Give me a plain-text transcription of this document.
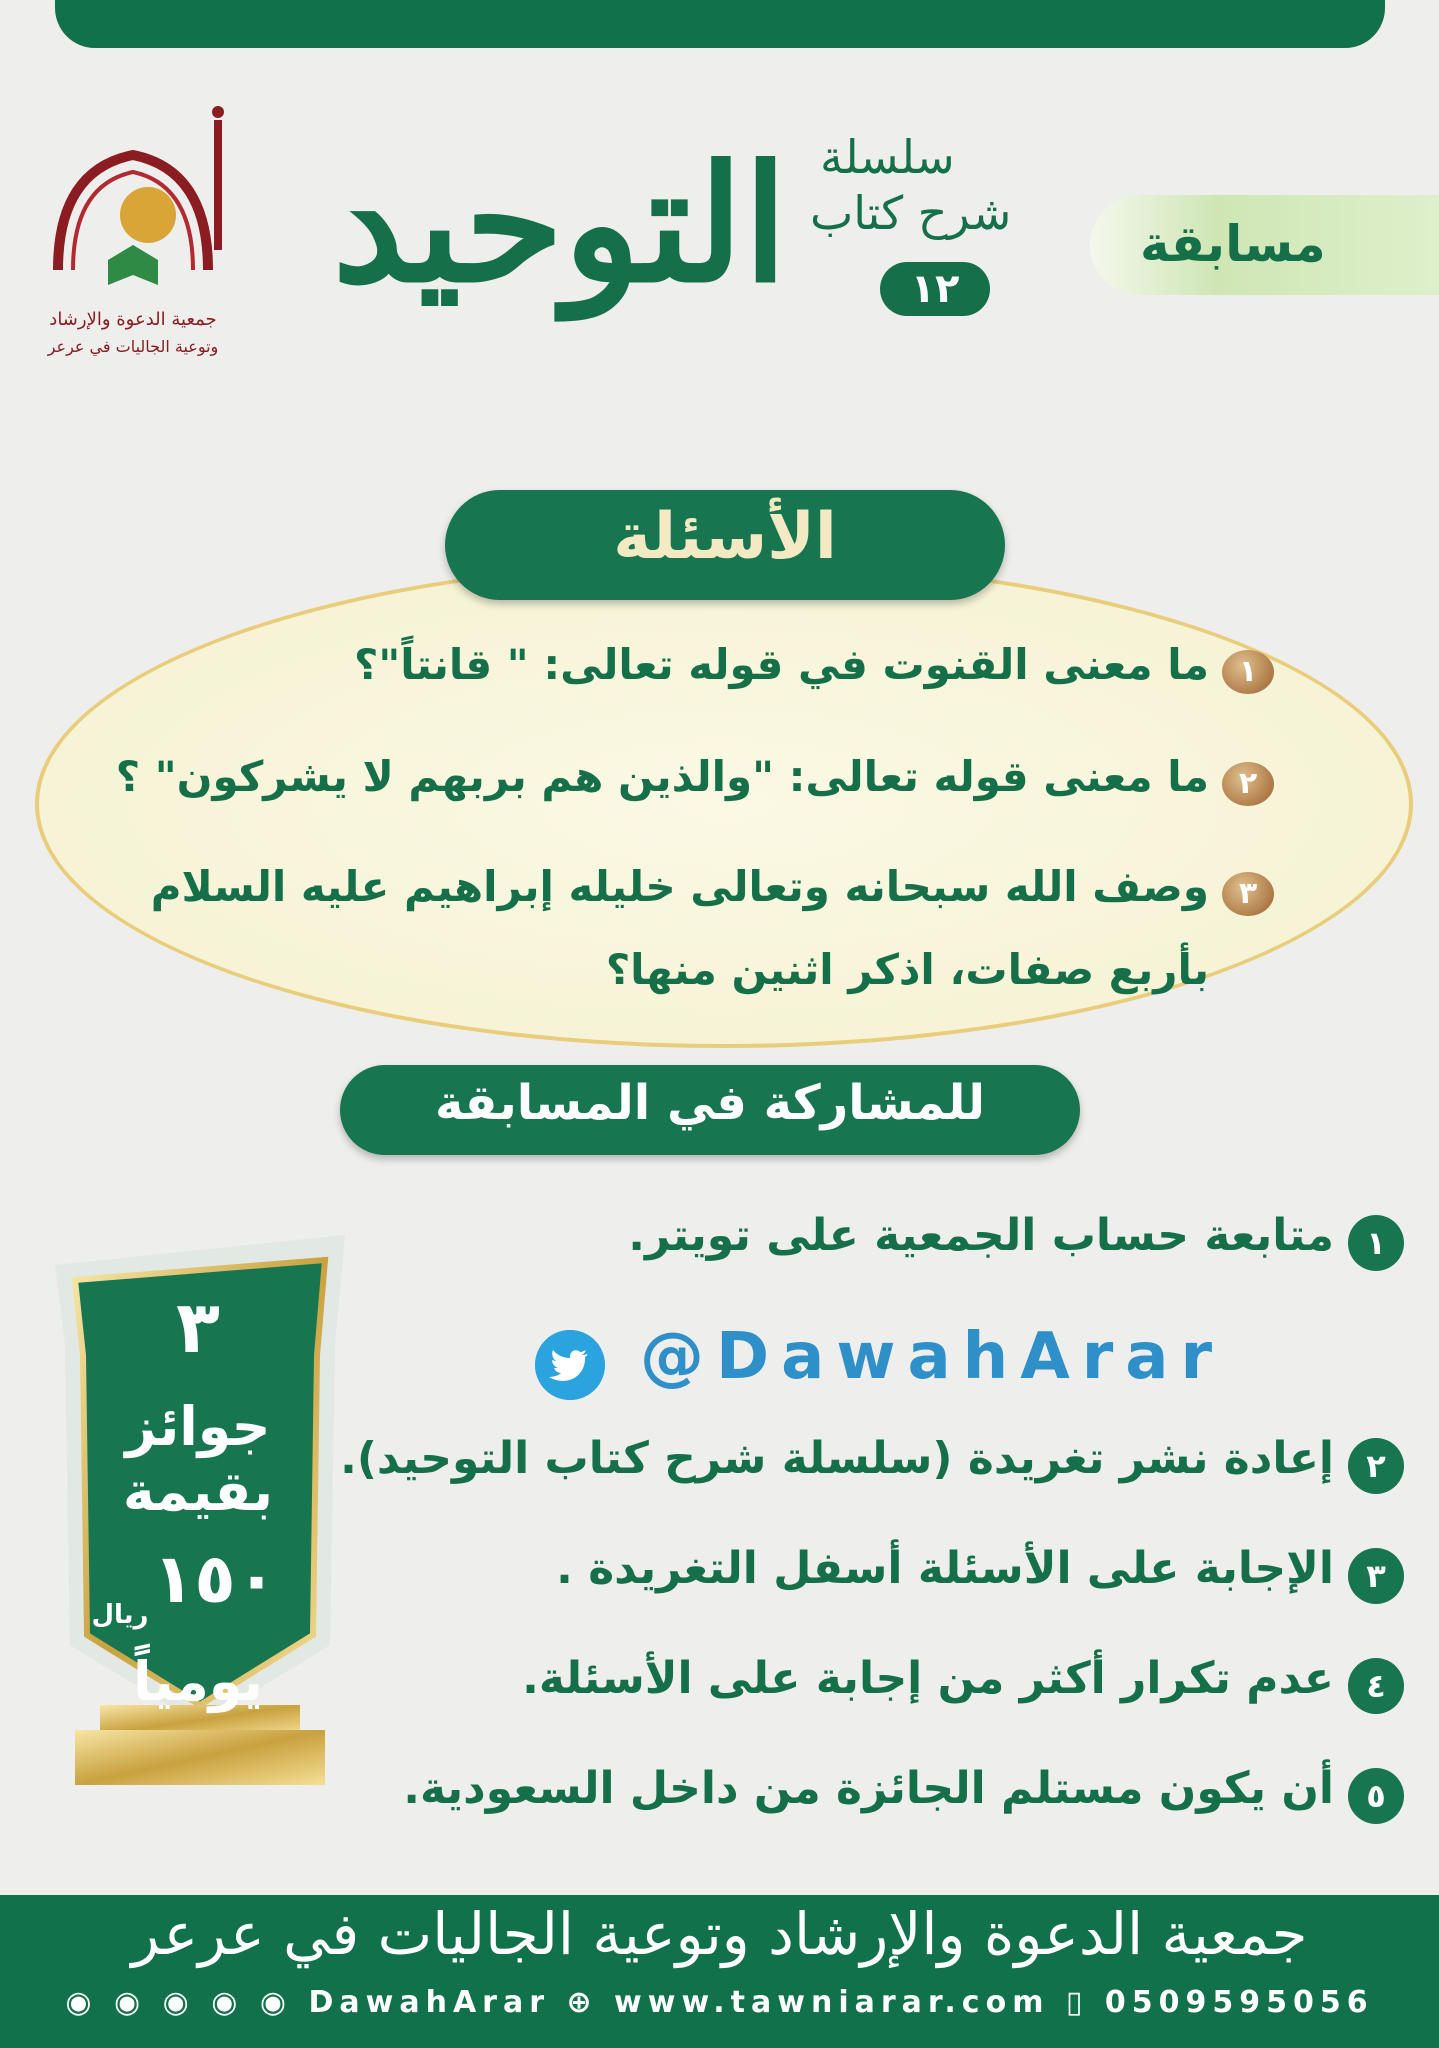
جمعية الدعوة والإرشاد
وتوعية الجاليات في عرعر
مسابقة
سلسلة
شرح كتاب
١٢
التوحيد
الأسئلة
١
ما معنى القنوت في قوله تعالى: " قانتاً"؟
٢
ما معنى قوله تعالى: "والذين هم بربهم لا يشركون" ؟
٣
وصف الله سبحانه وتعالى خليله إبراهيم عليه السلام
بأربع صفات، اذكر اثنين منها؟
للمشاركة في المسابقة
١
متابعة حساب الجمعية على تويتر.
@DawahArar
٢
إعادة نشر تغريدة (سلسلة شرح كتاب التوحيد).
٣
الإجابة على الأسئلة أسفل التغريدة .
٤
عدم تكرار أكثر من إجابة على الأسئلة.
٥
أن يكون مستلم الجائزة من داخل السعودية.
٣
جوائز
بقيمة
١٥٠
ريال
يومياً
جمعية الدعوة والإرشاد وتوعية الجاليات في عرعر
◉ ◉ ◉ ◉ ◉ DawahArar ⊕ www.tawniarar.com ▯ 0509595056
